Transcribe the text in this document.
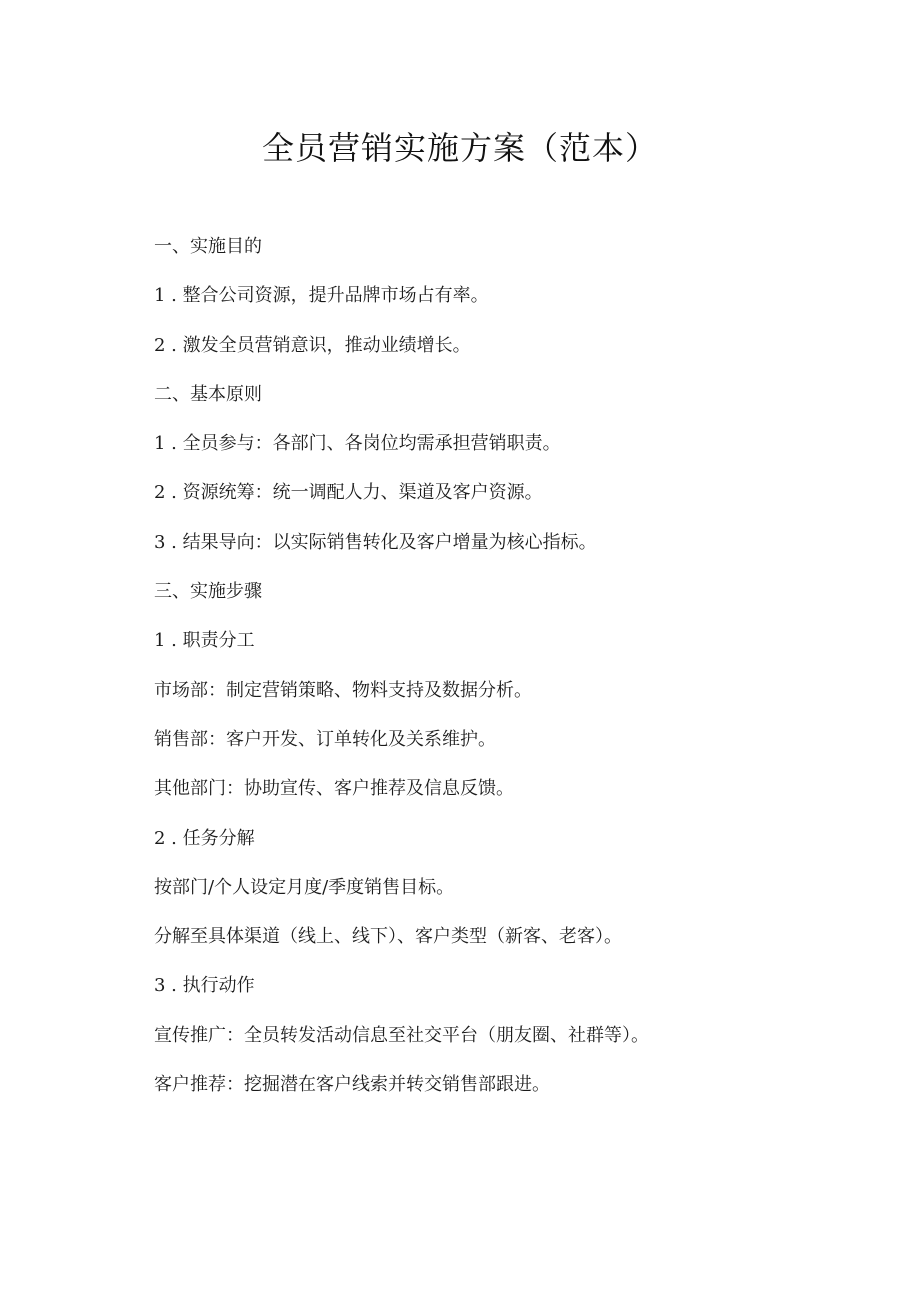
全员营销实施方案（范本）

一、实施目的

1 . 整合公司资源，提升品牌市场占有率。

2 . 激发全员营销意识，推动业绩增长。

二、基本原则

1 . 全员参与：各部门、各岗位均需承担营销职责。

2 . 资源统筹：统一调配人力、渠道及客户资源。

3 . 结果导向：以实际销售转化及客户增量为核心指标。

三、实施步骤

1 . 职责分工

市场部：制定营销策略、物料支持及数据分析。

销售部：客户开发、订单转化及关系维护。

其他部门：协助宣传、客户推荐及信息反馈。

2 . 任务分解

按部门/个人设定月度/季度销售目标。

分解至具体渠道（线上、线下）、客户类型（新客、老客）。

3 . 执行动作

宣传推广：全员转发活动信息至社交平台（朋友圈、社群等）。

客户推荐：挖掘潜在客户线索并转交销售部跟进。
